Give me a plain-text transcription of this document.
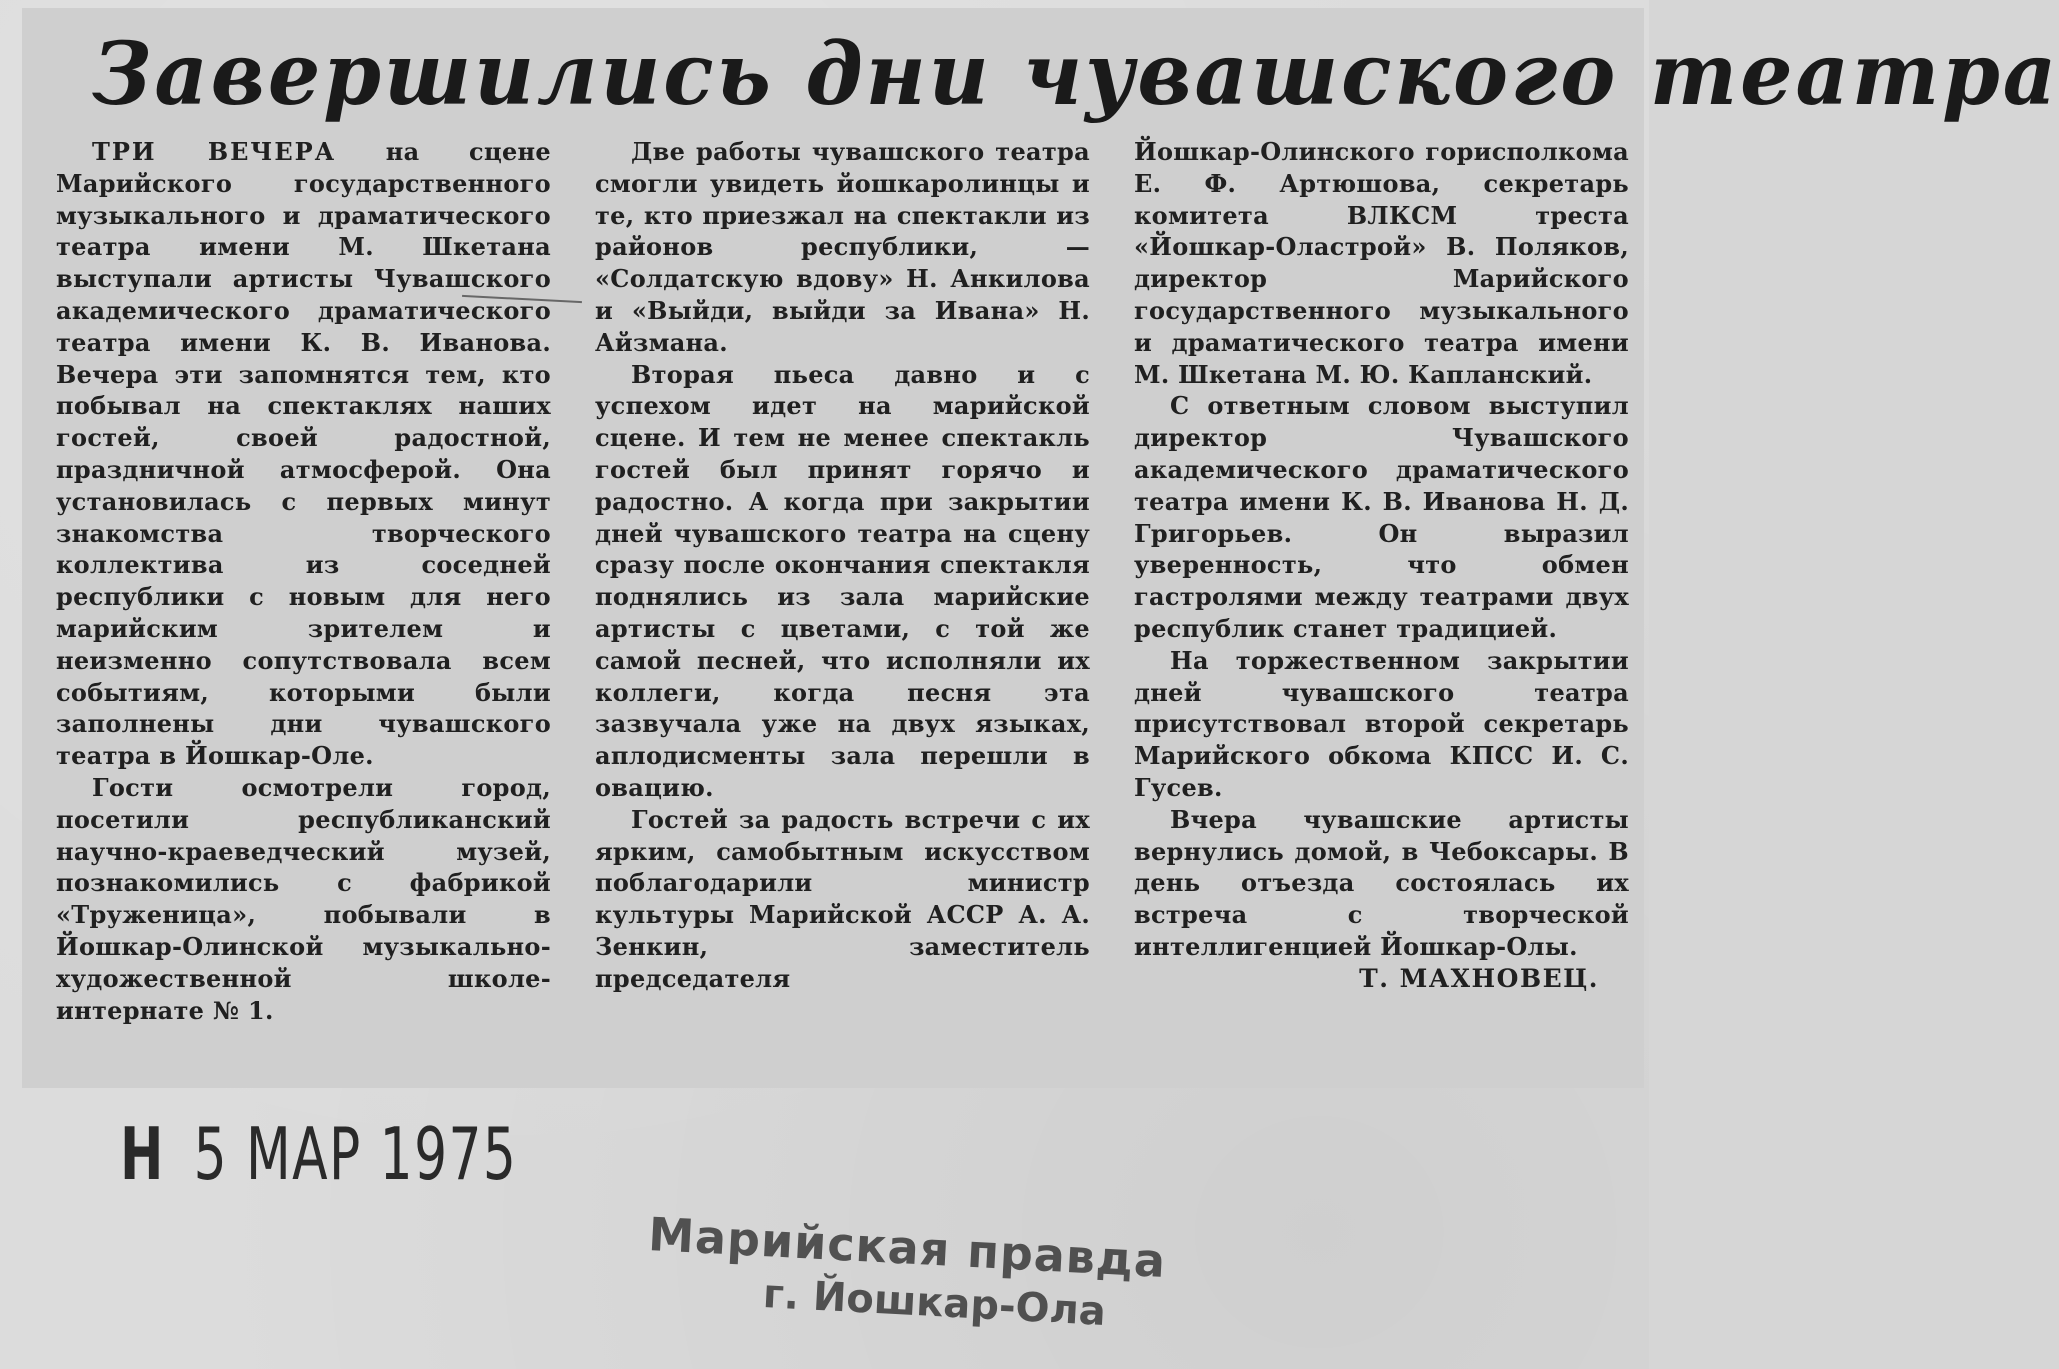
Завершились дни чувашского театра

ТРИ ВЕЧЕРА на сцене Марийского государственного музыкального и драматического театра имени М. Шкетана выступали артисты Чувашского академического драматического театра имени К. В. Иванова. Вечера эти запомнятся тем, кто побывал на спектаклях наших гостей, своей радостной, праздничной атмосферой. Она установилась с первых минут знакомства творческого коллектива из соседней республики с новым для него марийским зрителем и неизменно сопутствовала всем событиям, которыми были заполнены дни чувашского театра в Йошкар-Оле.

Гости осмотрели город, посетили республиканский научно-краеведческий музей, познакомились с фабрикой «Труженица», побывали в Йошкар-Олинской музыкально-художественной школе-интернате № 1.

Две работы чувашского театра смогли увидеть йошкаролинцы и те, кто приезжал на спектакли из районов республики, — «Солдатскую вдову» Н. Анкилова и «Выйди, выйди за Ивана» Н. Айзмана.

Вторая пьеса давно и с успехом идет на марийской сцене. И тем не менее спектакль гостей был принят горячо и радостно. А когда при закрытии дней чувашского театра на сцену сразу после окончания спектакля поднялись из зала марийские артисты с цветами, с той же самой песней, что исполняли их коллеги, когда песня эта зазвучала уже на двух языках, аплодисменты зала перешли в овацию.

Гостей за радость встречи с их ярким, самобытным искусством поблагодарили министр культуры Марийской АССР А. А. Зенкин, заместитель председателя

Йошкар-Олинского горисполкома Е. Ф. Артюшова, секретарь комитета ВЛКСМ треста «Йошкар-Оластрой» В. Поляков, директор Марийского государственного музыкального и драматического театра имени М. Шкетана М. Ю. Капланский.

С ответным словом выступил директор Чувашского академического драматического театра имени К. В. Иванова Н. Д. Григорьев. Он выразил уверенность, что обмен гастролями между театрами двух республик станет традицией.

На торжественном закрытии дней чувашского театра присутствовал второй секретарь Марийского обкома КПСС И. С. Гусев.

Вчера чувашские артисты вернулись домой, в Чебоксары. В день отъезда состоялась их встреча с творческой интеллигенцией Йошкар-Олы.

Т. МАХНОВЕЦ.
Н 5 МАР 1975
Марийская правда
г. Йошкар-Ола
